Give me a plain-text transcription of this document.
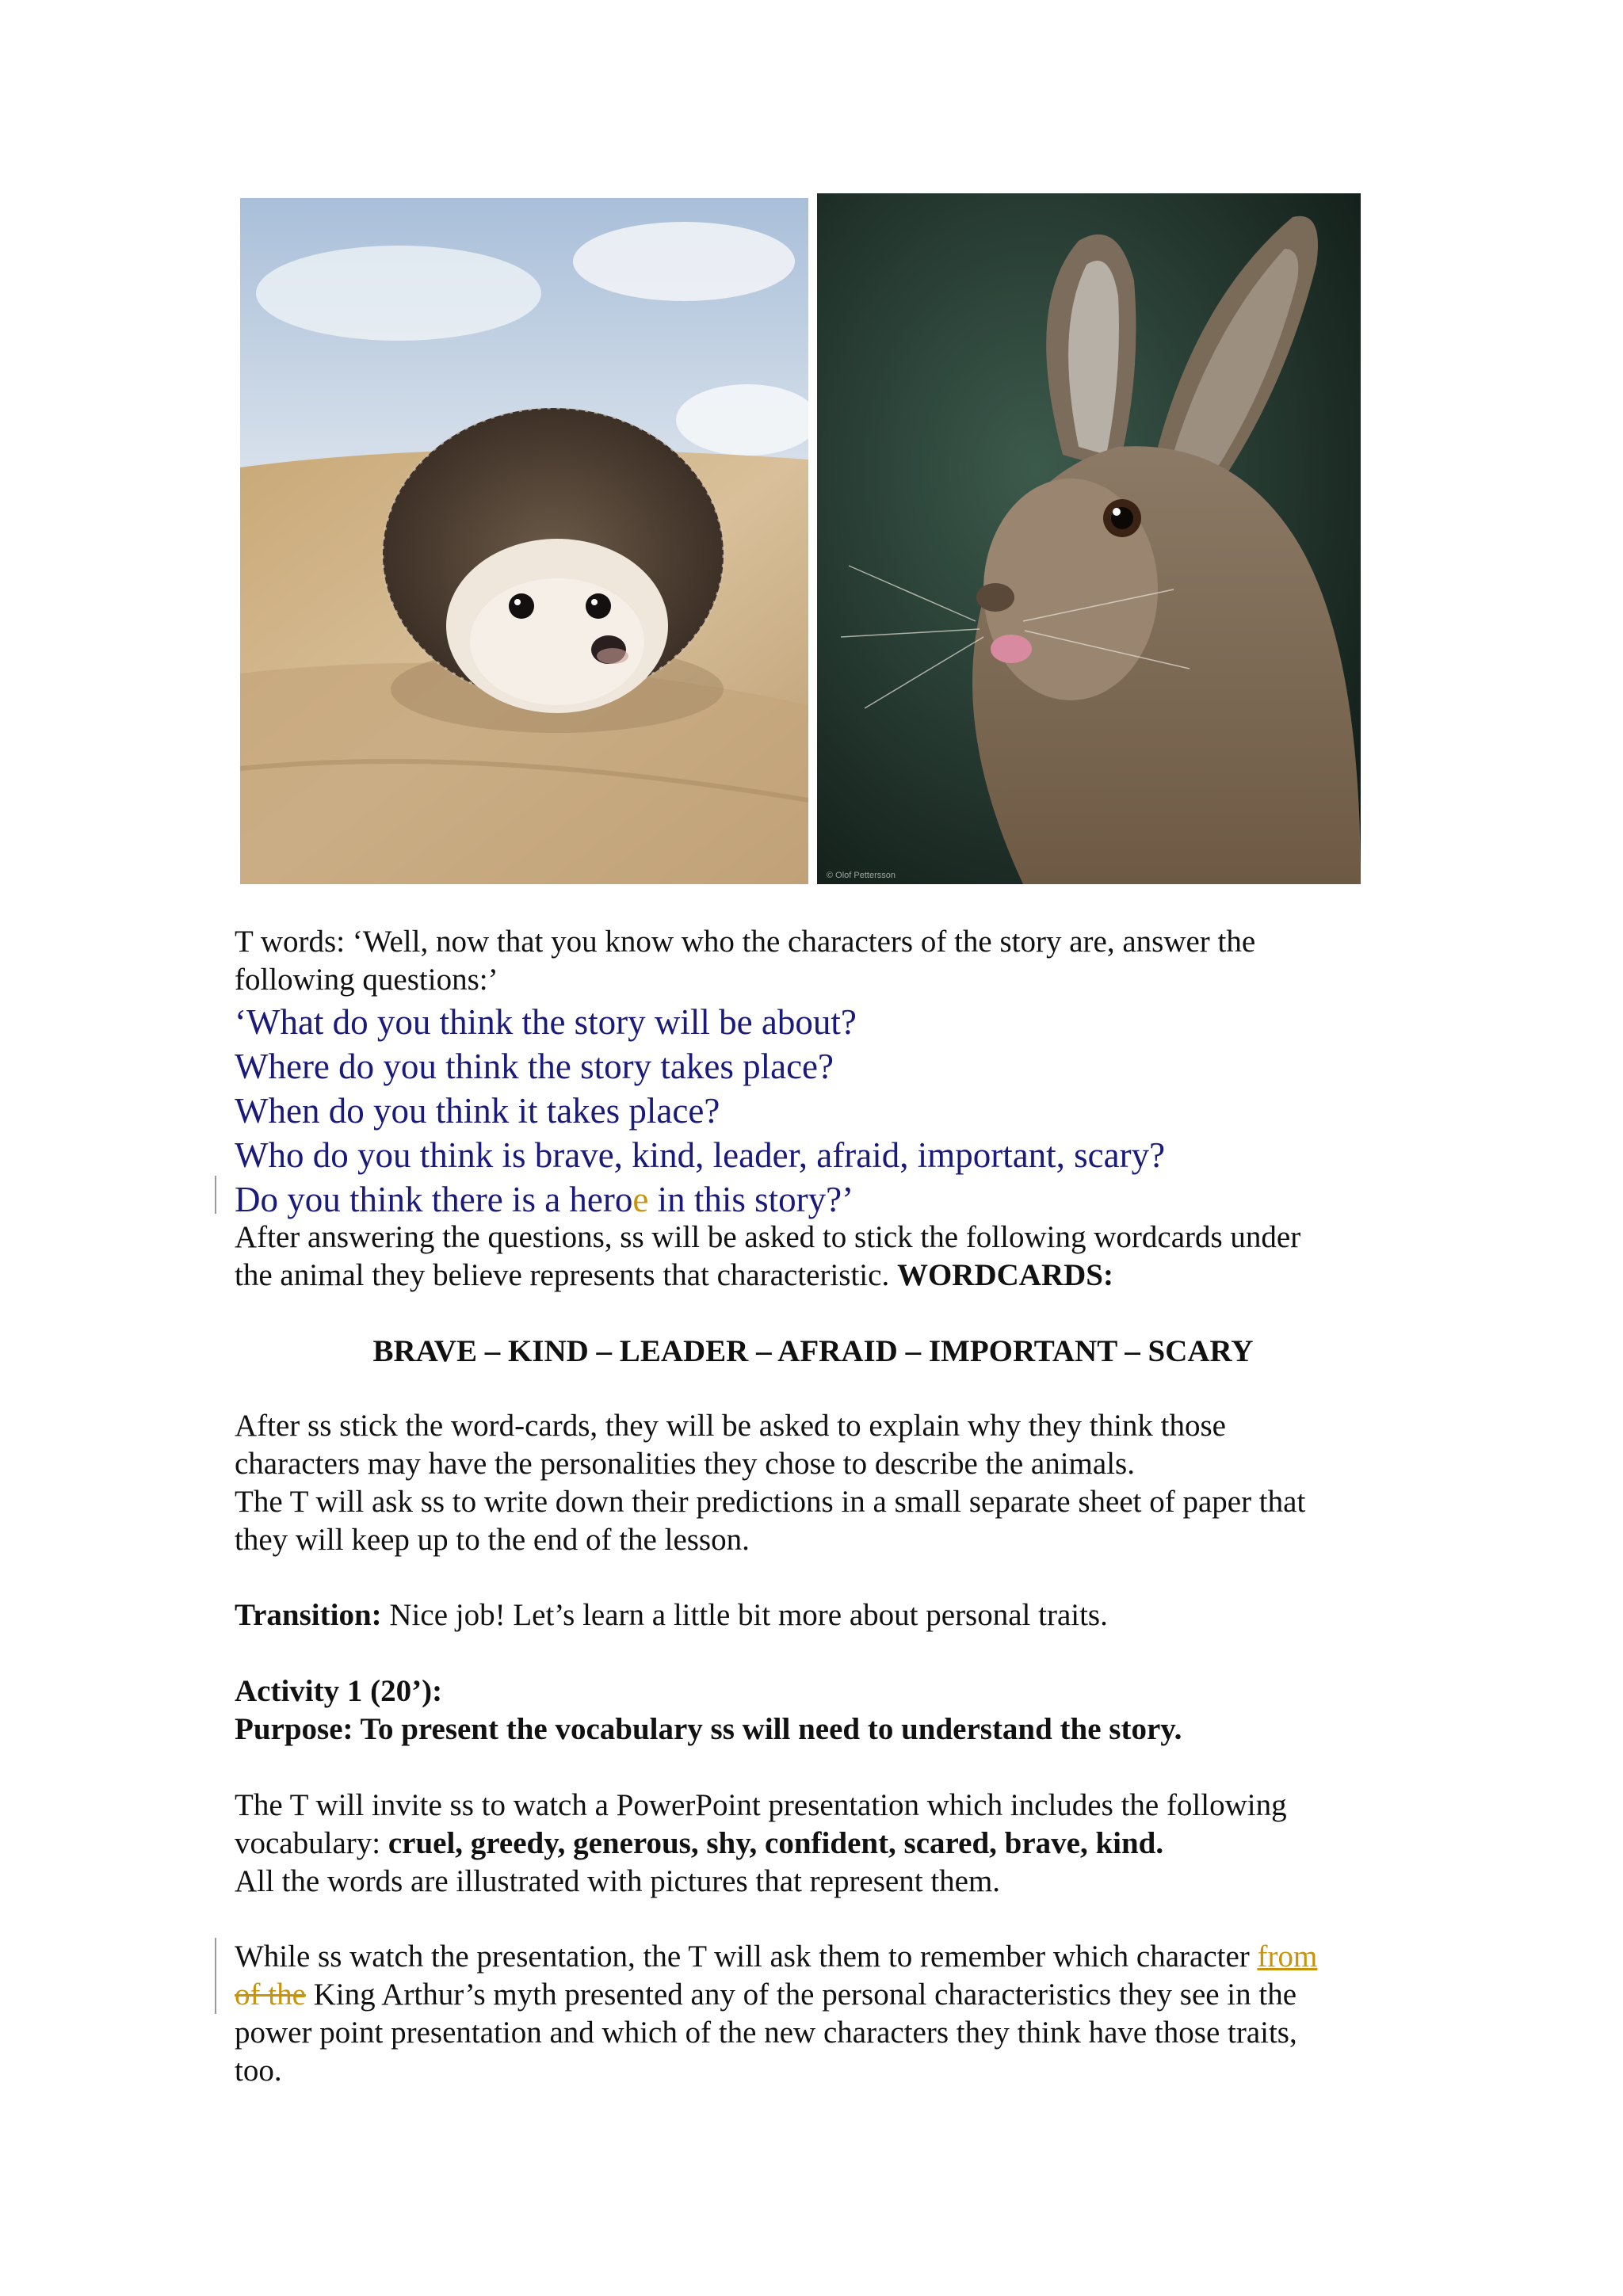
© Olof Pettersson

T words: ‘Well, now that you know who the characters of the story are, answer the

following questions:’

‘What do you think the story will be about?

Where do you think the story takes place?

When do you think it takes place?

Who do you think is brave, kind, leader, afraid, important, scary?

Do you think there is a heroe in this story?’

After answering the questions, ss will be asked to stick the following wordcards under

the animal they believe represents that characteristic. WORDCARDS:

BRAVE – KIND – LEADER – AFRAID – IMPORTANT – SCARY

After ss stick the word-cards, they will be asked to explain why they think those

characters may have the personalities they chose to describe the animals.

The T will ask ss to write down their predictions in a small separate sheet of paper that

they will keep up to the end of the lesson.

Transition: Nice job! Let’s learn a little bit more about personal traits.

Activity 1 (20’):

Purpose: To present the vocabulary ss will need to understand the story.

The T will invite ss to watch a PowerPoint presentation which includes the following

vocabulary: cruel, greedy, generous, shy, confident, scared, brave, kind.

All the words are illustrated with pictures that represent them.

While ss watch the presentation, the T will ask them to remember which character from

of the King Arthur’s myth presented any of the personal characteristics they see in the

power point presentation and which of the new characters they think have those traits,

too.
